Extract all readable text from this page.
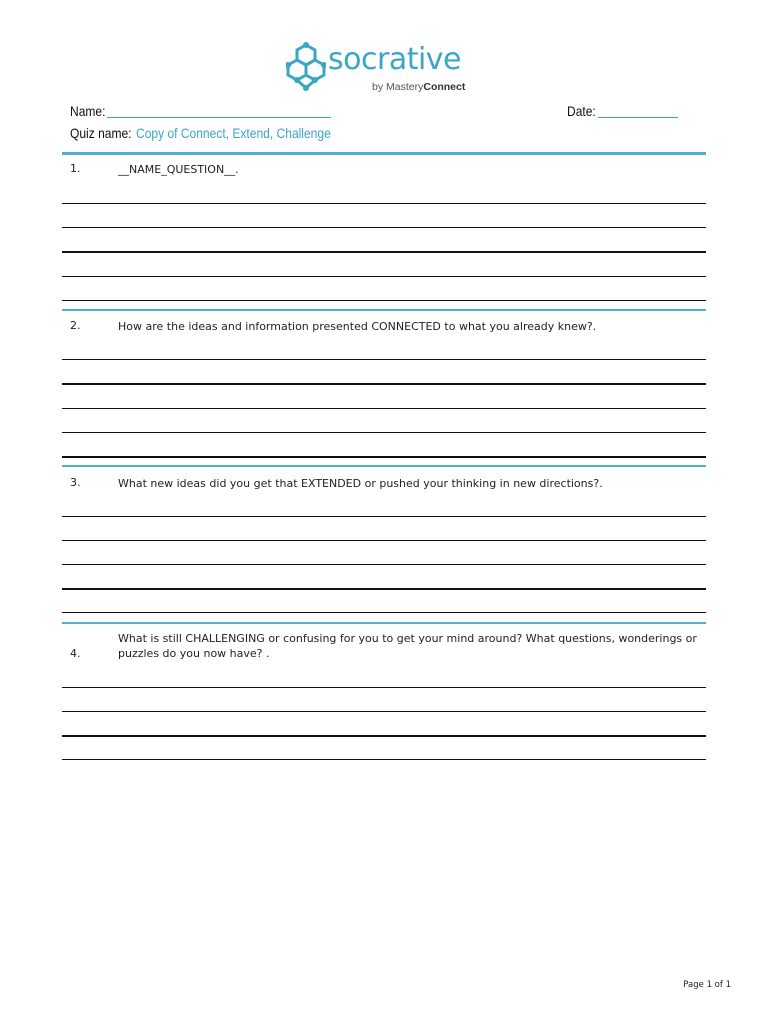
socrative
by MasteryConnect
Name:	Date:
Quiz name: Copy of Connect, Extend, Challenge
1.	__NAME_QUESTION__.
2.	How are the ideas and information presented CONNECTED to what you already knew?.
3.	What new ideas did you get that EXTENDED or pushed your thinking in new directions?.
4.
What is still CHALLENGING or confusing for you to get your mind around? What questions, wonderings or puzzles do you now have? .
Page 1 of 1
